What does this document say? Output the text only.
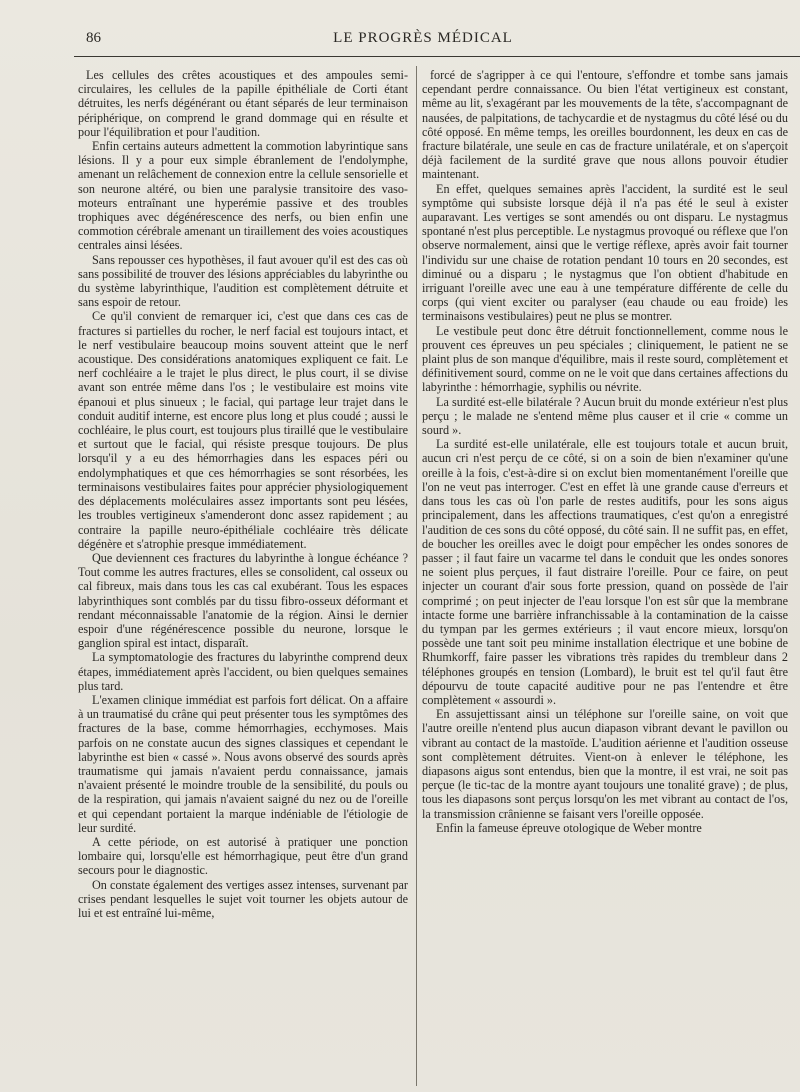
86	LE PROGRÈS MÉDICAL

Les cellules des crêtes acoustiques et des ampoules semi-circulaires, les cellules de la papille épithéliale de Corti étant détruites, les nerfs dégénérant ou étant séparés de leur terminaison périphérique, on comprend le grand dommage qui en résulte et pour l'équilibration et pour l'audition.

Enfin certains auteurs admettent la commotion labyrintique sans lésions. Il y a pour eux simple ébranlement de l'endolymphe, amenant un relâchement de connexion entre la cellule sensorielle et son neurone altéré, ou bien une paralysie transitoire des vaso-moteurs entraînant une hyperémie passive et des troubles trophiques avec dégénérescence des nerfs, ou bien enfin une commotion cérébrale amenant un tiraillement des voies acoustiques centrales ainsi lésées.

Sans repousser ces hypothèses, il faut avouer qu'il est des cas où sans possibilité de trouver des lésions appréciables du labyrinthe ou du système labyrinthique, l'audition est complètement détruite et sans espoir de retour.

Ce qu'il convient de remarquer ici, c'est que dans ces cas de fractures si partielles du rocher, le nerf facial est toujours intact, et le nerf vestibulaire beaucoup moins souvent atteint que le nerf acoustique. Des considérations anatomiques expliquent ce fait. Le nerf cochléaire a le trajet le plus direct, le plus court, il se divise avant son entrée même dans l'os ; le vestibulaire est moins vite épanoui et plus sinueux ; le facial, qui partage leur trajet dans le conduit auditif interne, est encore plus long et plus coudé ; aussi le cochléaire, le plus court, est toujours plus tiraillé que le vestibulaire et surtout que le facial, qui résiste presque toujours. De plus lorsqu'il y a eu des hémorrhagies dans les espaces péri ou endolymphatiques et que ces hémorrhagies se sont résorbées, les terminaisons vestibulaires faites pour apprécier physiologiquement des déplacements moléculaires assez importants sont peu lésées, les troubles vertigineux s'amenderont donc assez rapidement ; au contraire la papille neuro-épithéliale cochléaire très délicate dégénère et s'atrophie presque immédiatement.

Que deviennent ces fractures du labyrinthe à longue échéance ? Tout comme les autres fractures, elles se consolident, cal osseux ou cal fibreux, mais dans tous les cas cal exubérant. Tous les espaces labyrinthiques sont comblés par du tissu fibro-osseux déformant et rendant méconnaissable l'anatomie de la région. Ainsi le dernier espoir d'une régénérescence possible du neurone, lorsque le ganglion spiral est intact, disparaît.

La symptomatologie des fractures du labyrinthe comprend deux étapes, immédiatement après l'accident, ou bien quelques semaines plus tard.

L'examen clinique immédiat est parfois fort délicat. On a affaire à un traumatisé du crâne qui peut présenter tous les symptômes des fractures de la base, comme hémorrhagies, ecchymoses. Mais parfois on ne constate aucun des signes classiques et cependant le labyrinthe est bien « cassé ». Nous avons observé des sourds après traumatisme qui jamais n'avaient perdu connaissance, jamais n'avaient présenté le moindre trouble de la sensibilité, du pouls ou de la respiration, qui jamais n'avaient saigné du nez ou de l'oreille et qui cependant portaient la marque indéniable de l'étiologie de leur surdité.

A cette période, on est autorisé à pratiquer une ponction lombaire qui, lorsqu'elle est hémorrhagique, peut être d'un grand secours pour le diagnostic.

On constate également des vertiges assez intenses, survenant par crises pendant lesquelles le sujet voit tourner les objets autour de lui et est entraîné lui-même,

forcé de s'agripper à ce qui l'entoure, s'effondre et tombe sans jamais cependant perdre connaissance. Ou bien l'état vertigineux est constant, même au lit, s'exagérant par les mouvements de la tête, s'accompagnant de nausées, de palpitations, de tachycardie et de nystagmus du côté lésé ou du côté opposé. En même temps, les oreilles bourdonnent, les deux en cas de fracture bilatérale, une seule en cas de fracture unilatérale, et on s'aperçoit déjà facilement de la surdité grave que nous allons pouvoir étudier maintenant.

En effet, quelques semaines après l'accident, la surdité est le seul symptôme qui subsiste lorsque déjà il n'a pas été le seul à exister auparavant. Les vertiges se sont amendés ou ont disparu. Le nystagmus spontané n'est plus perceptible. Le nystagmus provoqué ou réflexe que l'on observe normalement, ainsi que le vertige réflexe, après avoir fait tourner l'individu sur une chaise de rotation pendant 10 tours en 20 secondes, est diminué ou a disparu ; le nystagmus que l'on obtient d'habitude en irriguant l'oreille avec une eau à une température différente de celle du corps (qui vient exciter ou paralyser (eau chaude ou eau froide) les terminaisons vestibulaires) peut ne plus se montrer.

Le vestibule peut donc être détruit fonctionnellement, comme nous le prouvent ces épreuves un peu spéciales ; cliniquement, le patient ne se plaint plus de son manque d'équilibre, mais il reste sourd, complètement et définitivement sourd, comme on ne le voit que dans certaines affections du labyrinthe : hémorrhagie, syphilis ou névrite.

La surdité est-elle bilatérale ? Aucun bruit du monde extérieur n'est plus perçu ; le malade ne s'entend même plus causer et il crie « comme un sourd ».

La surdité est-elle unilatérale, elle est toujours totale et aucun bruit, aucun cri n'est perçu de ce côté, si on a soin de bien n'examiner qu'une oreille à la fois, c'est-à-dire si on exclut bien momentanément l'oreille que l'on ne veut pas interroger. C'est en effet là une grande cause d'erreurs et dans tous les cas où l'on parle de restes auditifs, pour les sons aigus principalement, dans les affections traumatiques, c'est qu'on a enregistré l'audition de ces sons du côté opposé, du côté sain. Il ne suffit pas, en effet, de boucher les oreilles avec le doigt pour empêcher les ondes sonores de passer ; il faut faire un vacarme tel dans le conduit que les ondes sonores ne soient plus perçues, il faut distraire l'oreille. Pour ce faire, on peut injecter un courant d'air sous forte pression, quand on possède de l'air comprimé ; on peut injecter de l'eau lorsque l'on est sûr que la membrane intacte forme une barrière infranchissable à la contamination de la caisse du tympan par les germes extérieurs ; il vaut encore mieux, lorsqu'on possède une tant soit peu minime installation électrique et une bobine de Rhumkorff, faire passer les vibrations très rapides du trembleur dans 2 téléphones groupés en tension (Lombard), le bruit est tel qu'il faut être dépourvu de toute capacité auditive pour ne pas l'entendre et être complètement « assourdi ».

En assujettissant ainsi un téléphone sur l'oreille saine, on voit que l'autre oreille n'entend plus aucun diapason vibrant devant le pavillon ou vibrant au contact de la mastoïde. L'audition aérienne et l'audition osseuse sont complètement détruites. Vient-on à enlever le téléphone, les diapasons aigus sont entendus, bien que la montre, il est vrai, ne soit pas perçue (le tic-tac de la montre ayant toujours une tonalité grave) ; de plus, tous les diapasons sont perçus lorsqu'on les met vibrant au contact de l'os, la transmission crânienne se faisant vers l'oreille opposée.

Enfin la fameuse épreuve otologique de Weber montre
